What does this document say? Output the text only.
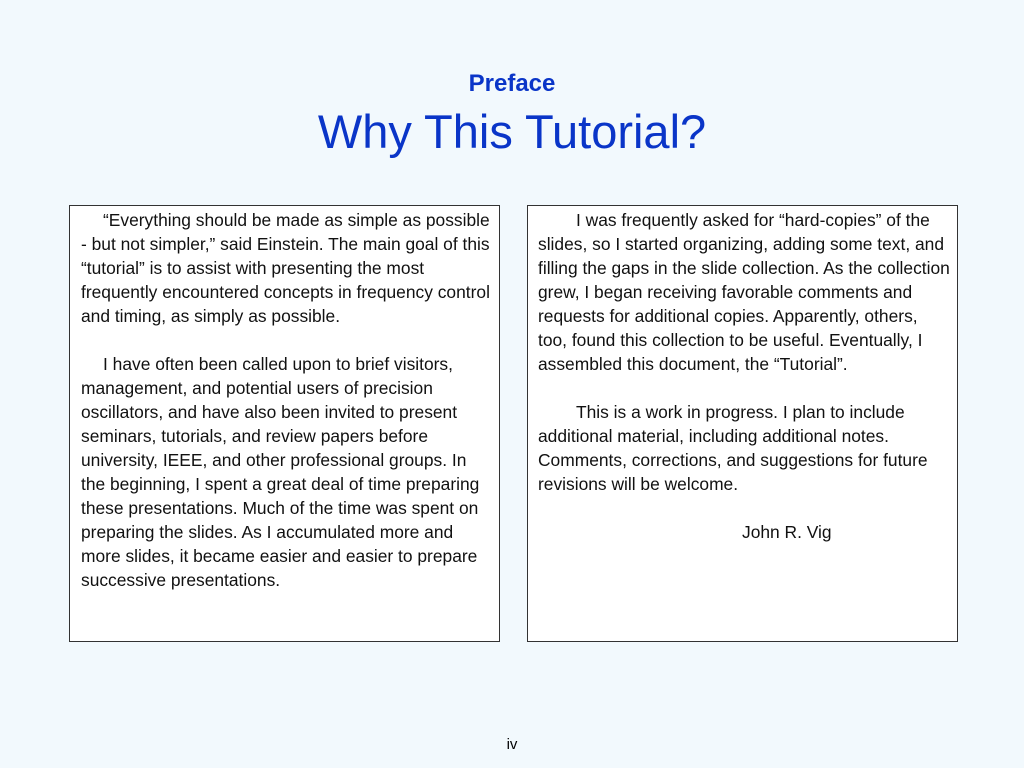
Preface
Why This Tutorial?

“Everything should be made as simple as possible - but not simpler,” said Einstein. The main goal of this “tutorial” is to assist with presenting the most frequently encountered concepts in frequency control and timing, as simply as possible.

I have often been called upon to brief visitors, management, and potential users of precision oscillators, and have also been invited to present seminars, tutorials, and review papers before university, IEEE, and other professional groups. In the beginning, I spent a great deal of time preparing these presentations. Much of the time was spent on preparing the slides. As I accumulated more and more slides, it became easier and easier to prepare successive presentations.

I was frequently asked for “hard-copies” of the slides, so I started organizing, adding some text, and filling the gaps in the slide collection. As the collection grew, I began receiving favorable comments and requests for additional copies. Apparently, others, too, found this collection to be useful. Eventually, I assembled this document, the “Tutorial”.

This is a work in progress. I plan to include additional material, including additional notes. Comments, corrections, and suggestions for future revisions will be welcome.

John R. Vig

iv
